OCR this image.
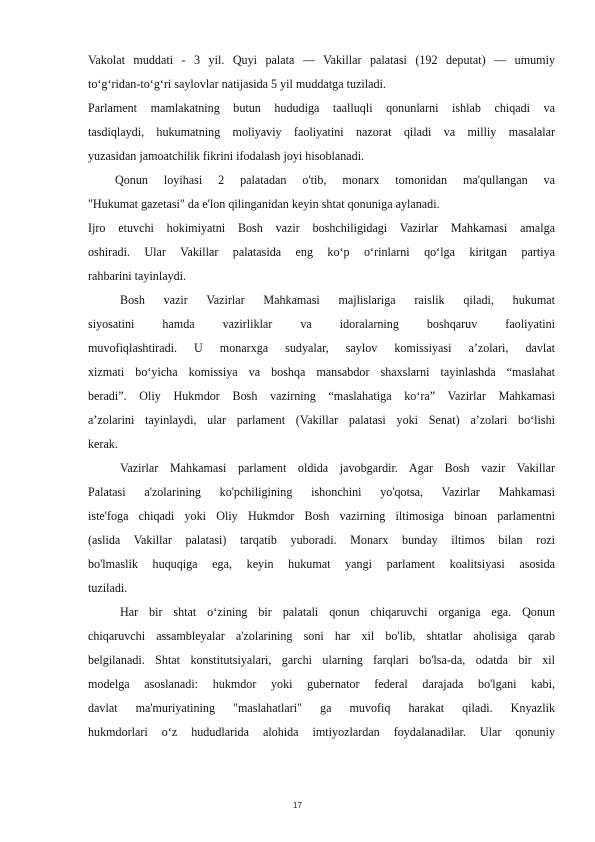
Vakolat muddati - 3 yil. Quyi palata — Vakillar palatasi (192 deputat) — umumiy
to‘g‘ridan-to‘g‘ri saylovlar natijasida 5 yil muddatga tuziladi.
Parlament mamlakatning butun hududiga taalluqli qonunlarni ishlab chiqadi va
tasdiqlaydi, hukumatning moliyaviy faoliyatini nazorat qiladi va milliy masalalar
yuzasidan jamoatchilik fikrini ifodalash joyi hisoblanadi.
Qonun loyihasi 2 palatadan o'tib, monarx tomonidan ma'qullangan va
"Hukumat gazetasi" da e'lon qilinganidan keyin shtat qonuniga aylanadi.
Ijro etuvchi hokimiyatni Bosh vazir boshchiligidagi Vazirlar Mahkamasi amalga
oshiradi. Ular Vakillar palatasida eng ko‘p o‘rinlarni qo‘lga kiritgan partiya
rahbarini tayinlaydi.
Bosh vazir Vazirlar Mahkamasi majlislariga raislik qiladi, hukumat
siyosatini hamda vazirliklar va idoralarning boshqaruv faoliyatini
muvofiqlashtiradi. U monarxga sudyalar, saylov komissiyasi a’zolari, davlat
xizmati bo‘yicha komissiya va boshqa mansabdor shaxslarni tayinlashda “maslahat
beradi”. Oliy Hukmdor Bosh vazirning “maslahatiga ko‘ra” Vazirlar Mahkamasi
a’zolarini tayinlaydi, ular parlament (Vakillar palatasi yoki Senat) a’zolari bo‘lishi
kerak.
Vazirlar Mahkamasi parlament oldida javobgardir. Agar Bosh vazir Vakillar
Palatasi a'zolarining ko'pchiligining ishonchini yo'qotsa, Vazirlar Mahkamasi
iste'foga chiqadi yoki Oliy Hukmdor Bosh vazirning iltimosiga binoan parlamentni
(aslida Vakillar palatasi) tarqatib yuboradi. Monarx bunday iltimos bilan rozi
bo'lmaslik huquqiga ega, keyin hukumat yangi parlament koalitsiyasi asosida
tuziladi.
Har bir shtat o‘zining bir palatali qonun chiqaruvchi organiga ega. Qonun
chiqaruvchi assambleyalar a'zolarining soni har xil bo'lib, shtatlar aholisiga qarab
belgilanadi. Shtat konstitutsiyalari, garchi ularning farqlari bo'lsa-da, odatda bir xil
modelga asoslanadi: hukmdor yoki gubernator federal darajada bo'lgani kabi,
davlat ma'muriyatining "maslahatlari" ga muvofiq harakat qiladi. Knyazlik
hukmdorlari o‘z hududlarida alohida imtiyozlardan foydalanadilar. Ular qonuniy
17
